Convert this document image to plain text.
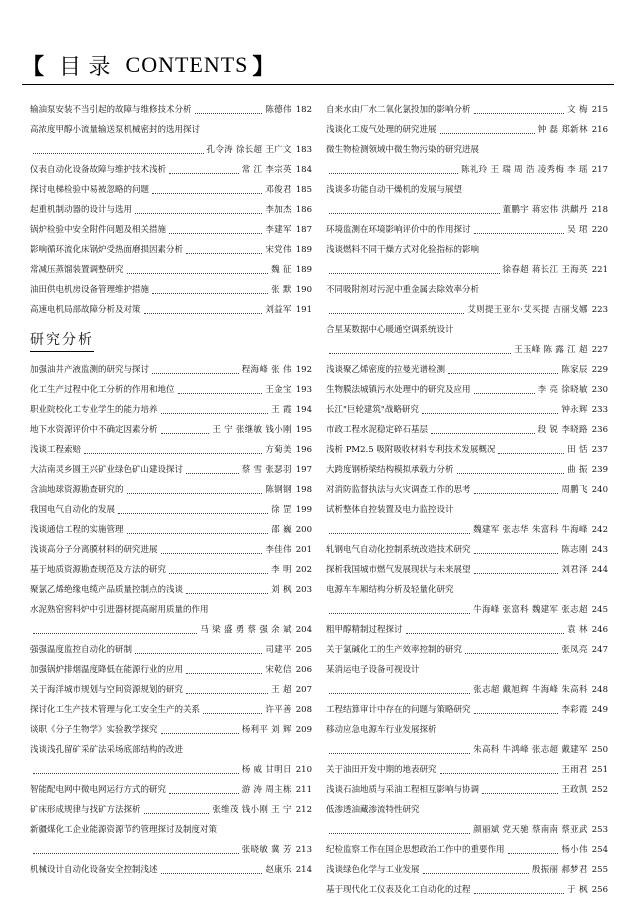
【 目 录 CONTENTS 】
输油泵安装不当引起的故障与维修技术分析	陈德伟 182
高浓度甲醇小流量输送泵机械密封的选用探讨
孔令涛 徐长超 王广文 183
仪表自动化设备故障与维护技术浅析	常 江 李宗英 184
探讨电梯检验中易被忽略的问题	邓俊君 185
起重机制动器的设计与选用	李加杰 186
锅炉检验中安全附件问题及相关措施	李建军 187
影响循环流化床锅炉受热面磨损因素分析	宋党伟 189
常减压蒸馏装置调整研究	魏 征 189
油田供电机房设备管理维护措施	张 默 190
高速电机局部故障分析及对策	刘益军 191
研究分析
加强油井产液监测的研究与探讨	程海峰 张 伟 192
化工生产过程中化工分析的作用和地位	王金宝 193
职业院校化工专业学生的能力培养	王 霞 194
地下水资源评价中不确定因素分析	王 宁 张继敏 钱小刚 195
浅谈工程索赔	方菊美 196
大沽南灵乡圆王兴矿业绿色矿山建设探讨	蔡 雪 张瑟羽 197
含油地球资源勘查研究的	陈钢钢 198
我国电气自动化的发展	徐 罡 199
浅谈通信工程的实施管理	邵 巍 200
浅谈高分子分离膜材料的研究进展	李佳伟 201
基于地质资源勘查规范及方法的研究	李 明 202
聚氯乙烯绝缘电缆产品质量控制点的浅谈	刘 枫 203
水泥熟窑窖料炉中引进器材提高耐用质量的作用
马 梁 盛 勇 蔡 强 余 斌 204
强强温度监控自动化的研制	司建平 205
加强锅炉排烟温度降低在能源行业的应用	宋乾信 206
关于海洋城市规划与空间资源规划的研究	王 超 207
探讨化工生产技术管理与化工安全生产的关系	许平善 208
谈职《分子生物学》实验教学探究	杨利平 刘 辉 209
浅谈浅孔留矿采矿法采场底部结构的改进
杨 威 甘明日 210
智能配电网中微电网运行方式的研究	游 涛 周主栋 211
矿床形成规律与找矿方法探析	张维茂 钱小刚 王 宁 212
新疆煤化工企业能源资源节约管理探讨及制度对策
张晓敏 冀 芳 213
机械设计自动化设备安全控制浅述	赵康乐 214
自来水由厂水二氧化氯投加的影响分析	文 梅 215
浅谈化工废气处理的研究进展	钟 磊 郑新林 216
微生物检测领域中微生物污染的研究进展
陈礼玲 王 瑞 周 浩 凌秀梅 李 瑶 217
浅谈多功能自动干燥机的发展与展望
董鹏宇 蒋宏伟 洪麒丹 218
环境监测在环境影响评价中的作用探讨	吴 珺 220
浅谈燃料不同干燥方式对化验指标的影响
徐春超 蒋长江 王海英 221
不同吸附剂对污泥中重金属去除效率分析
艾则提王亚尔·艾买提 吉丽戈娜 223
合星某数据中心暖通空调系统设计
王玉峰 陈 露 江 超 227
浅谈聚乙烯密度的拉曼光谱检测	陈家辰 229
生物膜法城镇污水处理中的研究及应用	李 亮 徐晓敏 230
长江"巨轮建筑"战略研究	钟永辉 233
市政工程水泥稳定碎石基层	段 锐 李晓路 236
浅析 PM2.5 吸附吸收材料专利技术发展概况	田 恬 237
大跨度钢桥梁结构模拟承载力分析	曲 振 239
对消防监督执法与火灾调查工作的思考	周鹏飞 240
试析整体自控装置及电力监控设计
魏建军 张志华 朱富科 牛海峰 242
轧钢电气自动化控制系统改造技术研究	陈志刚 243
探析我国城市燃气发展现状与未来展望	刘君泽 244
电源车车厢结构分析及轻量化研究
牛海峰 张富科 魏建军 张志超 245
粗甲醇精制过程探讨	袁 林 246
关于氯碱化工的生产效率控制的研究	张凤亮 247
某消运电子设备可视设计
张志超 戴旭辉 牛海峰 朱高科 248
工程结算审计中存在的问题与策略研究	李彩霞 249
移动应急电源车行业发展探析
朱高科 牛鸿峰 张志超 戴建军 250
关于油田开发中期的地表研究	王雨君 251
浅谈石油地质与采油工程相互影响与协调	王政凯 252
低渗透油藏渗流特性研究
颜丽斌 党天驰 蔡南南 蔡亚武 253
纪检监察工作在国企思想政治工作中的重要作用	杨小伟 254
浅谈绿色化学与工业发展	殷振丽 郝梦君 255
基于现代化工仪表及化工自动化的过程	于 枫 256
